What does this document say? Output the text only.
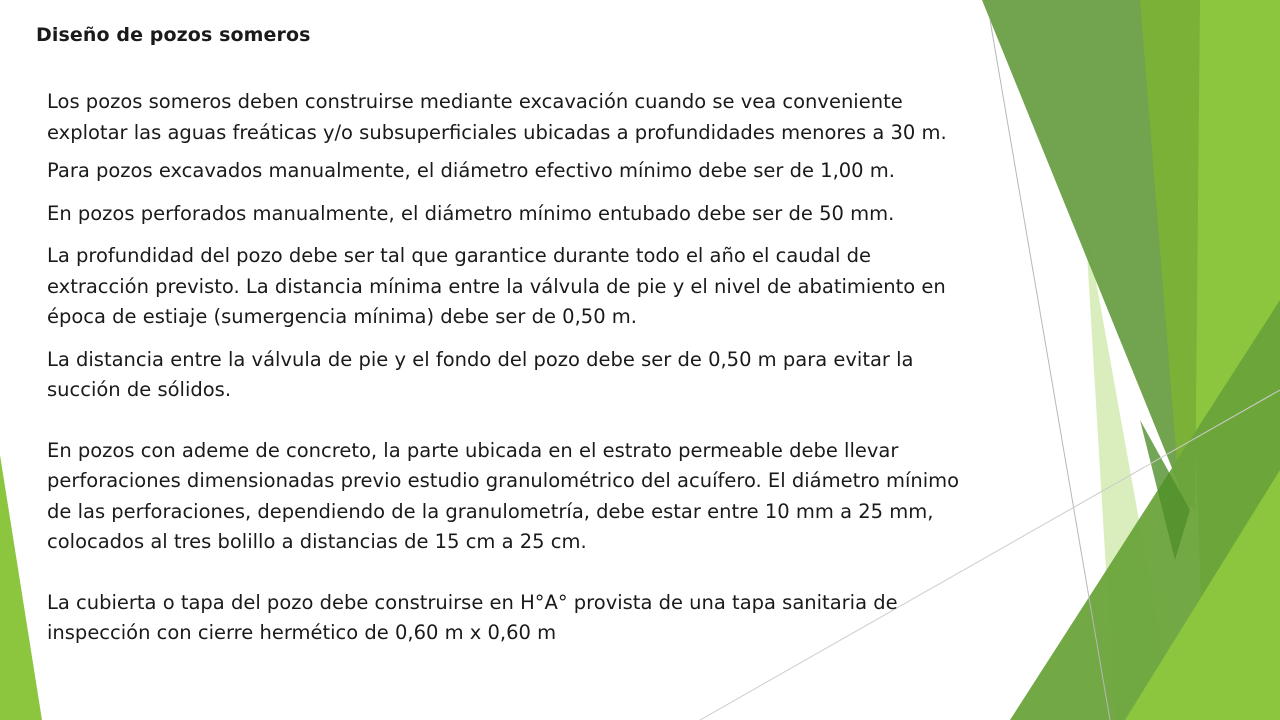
Diseño de pozos someros

Los pozos someros deben construirse mediante excavación cuando se vea conveniente
explotar las aguas freáticas y/o subsuperficiales ubicadas a profundidades menores a 30 m.

Para pozos excavados manualmente, el diámetro efectivo mínimo debe ser de 1,00 m.

En pozos perforados manualmente, el diámetro mínimo entubado debe ser de 50 mm.

La profundidad del pozo debe ser tal que garantice durante todo el año el caudal de
extracción previsto. La distancia mínima entre la válvula de pie y el nivel de abatimiento en
época de estiaje (sumergencia mínima) debe ser de 0,50 m.

La distancia entre la válvula de pie y el fondo del pozo debe ser de 0,50 m para evitar la
succión de sólidos.

En pozos con ademe de concreto, la parte ubicada en el estrato permeable debe llevar
perforaciones dimensionadas previo estudio granulométrico del acuífero. El diámetro mínimo
de las perforaciones, dependiendo de la granulometría, debe estar entre 10 mm a 25 mm,
colocados al tres bolillo a distancias de 15 cm a 25 cm.

La cubierta o tapa del pozo debe construirse en H°A° provista de una tapa sanitaria de
inspección con cierre hermético de 0,60 m x 0,60 m
